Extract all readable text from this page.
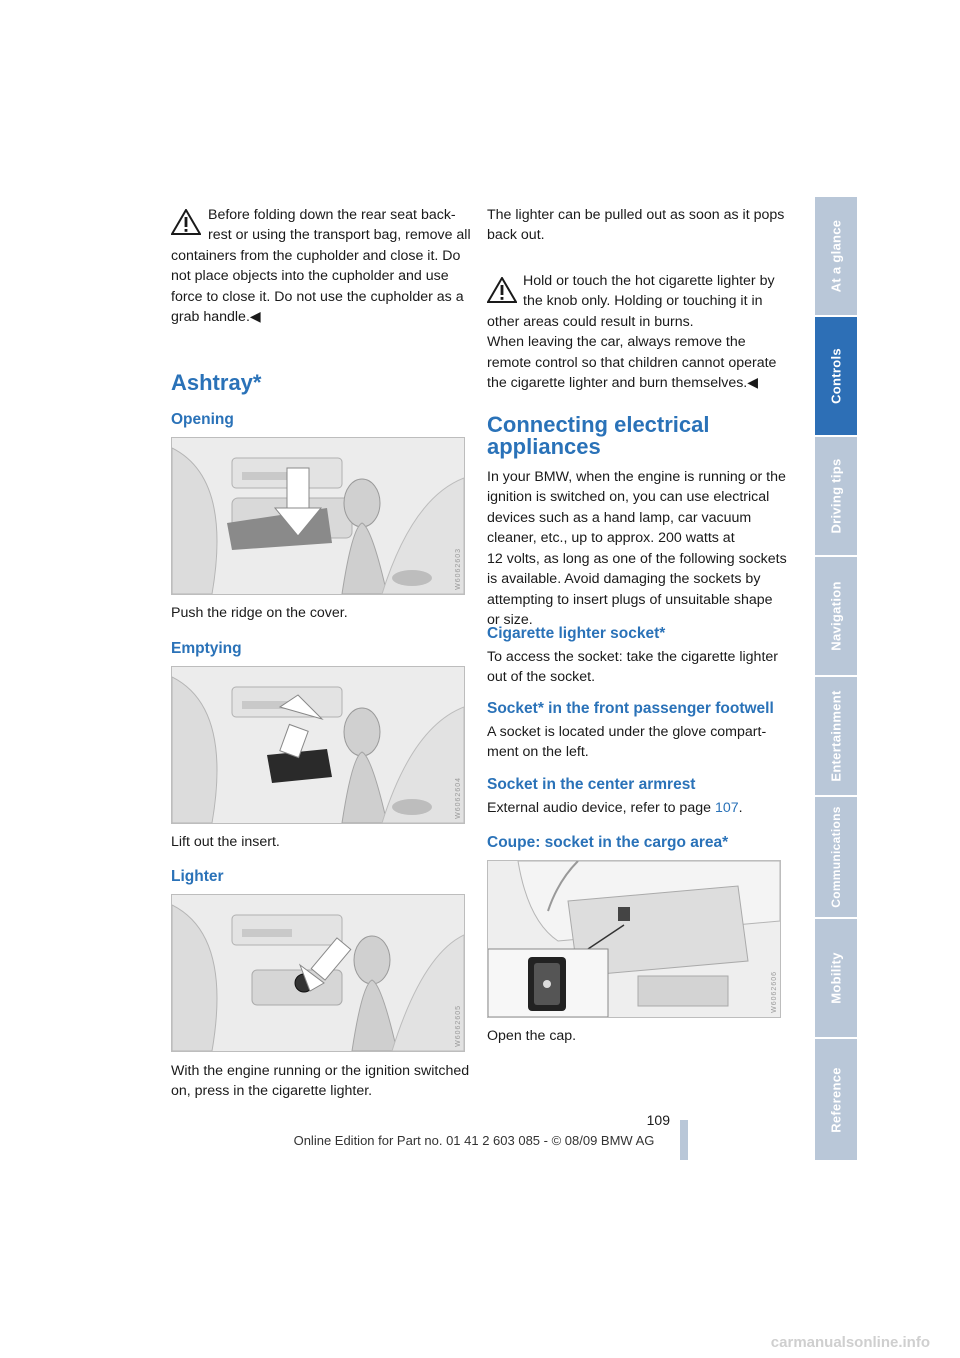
At a glance
Controls
Driving tips
Navigation
Entertainment
Communications
Mobility
Reference
Before folding down the rear seat back-
rest or using the transport bag, remove all
containers from the cupholder and close it. Do
not place objects into the cupholder and use
force to close it. Do not use the cupholder as a
grab handle.◀
Ashtray*
Opening
W6062603
Push the ridge on the cover.
Emptying
W6062604
Lift out the insert.
Lighter
W6062605
With the engine running or the ignition switched
on, press in the cigarette lighter.
The lighter can be pulled out as soon as it pops
back out.
Hold or touch the hot cigarette lighter by
the knob only. Holding or touching it in
other areas could result in burns.
When leaving the car, always remove the
remote control so that children cannot operate
the cigarette lighter and burn themselves.◀
Connecting electrical
appliances
In your BMW, when the engine is running or the
ignition is switched on, you can use electrical
devices such as a hand lamp, car vacuum
cleaner, etc., up to approx. 200 watts at
12 volts, as long as one of the following sockets
is available. Avoid damaging the sockets by
attempting to insert plugs of unsuitable shape
or size.
Cigarette lighter socket*
To access the socket: take the cigarette lighter
out of the socket.
Socket* in the front passenger footwell
A socket is located under the glove compart-
ment on the left.
Socket in the center armrest
External audio device, refer to page 107.
Coupe: socket in the cargo area*
W6062606
Open the cap.
109
Online Edition for Part no. 01 41 2 603 085 - © 08/09 BMW AG
carmanualsonline.info
